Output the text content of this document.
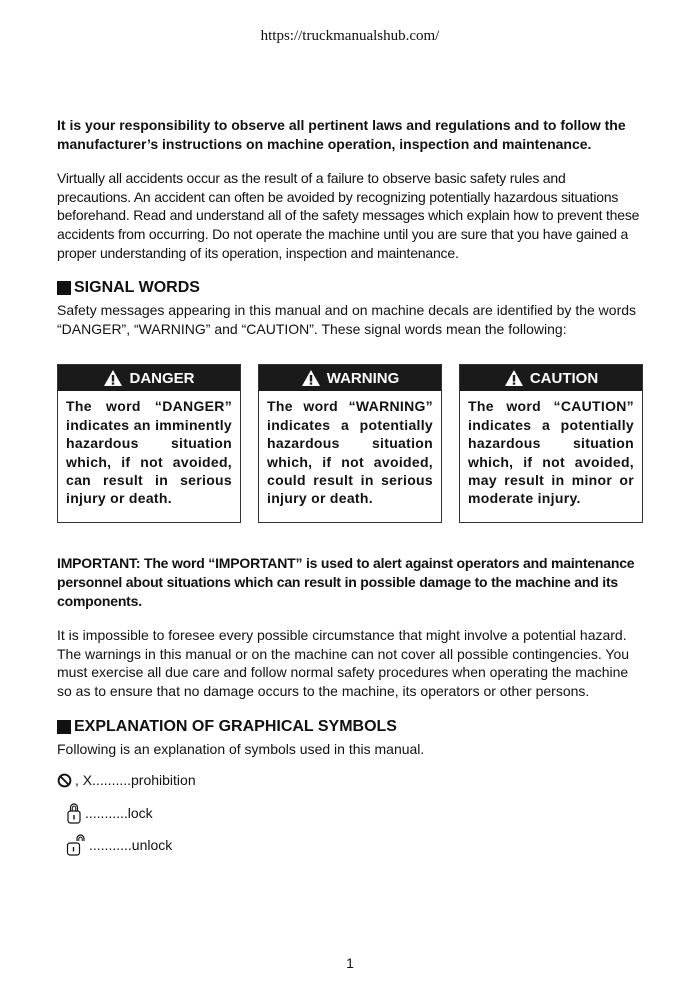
https://truckmanualshub.com/

It is your responsibility to observe all pertinent laws and regulations and to follow the manufacturer’s instructions on machine operation, inspection and maintenance.

Virtually all accidents occur as the result of a failure to observe basic safety rules and precautions. An accident can often be avoided by recognizing potentially hazardous situations beforehand. Read and understand all of the safety messages which explain how to prevent these accidents from occurring. Do not operate the machine until you are sure that you have gained a proper understanding of its operation, inspection and maintenance.

SIGNAL WORDS

Safety messages appearing in this manual and on machine decals are identified by the words “DANGER”, “WARNING” and “CAUTION”. These signal words mean the following:

DANGER
The word “DANGER” indicates an imminently hazardous situation which, if not avoided, can result in serious injury or death.
WARNING
The word “WARNING” indicates a potentially hazardous situation which, if not avoided, could result in serious injury or death.
CAUTION
The word “CAUTION” indicates a potentially hazardous situation which, if not avoided, may result in minor or moderate injury.

IMPORTANT: The word “IMPORTANT” is used to alert against operators and maintenance personnel about situations which can result in possible damage to the machine and its components.

It is impossible to foresee every possible circumstance that might involve a potential hazard. The warnings in this manual or on the machine can not cover all possible contingencies. You must exercise all due care and follow normal safety procedures when operating the machine so as to ensure that no damage occurs to the machine, its operators or other persons.

EXPLANATION OF GRAPHICAL SYMBOLS

Following is an explanation of symbols used in this manual.

, X..........prohibition
...........lock
...........unlock
1
